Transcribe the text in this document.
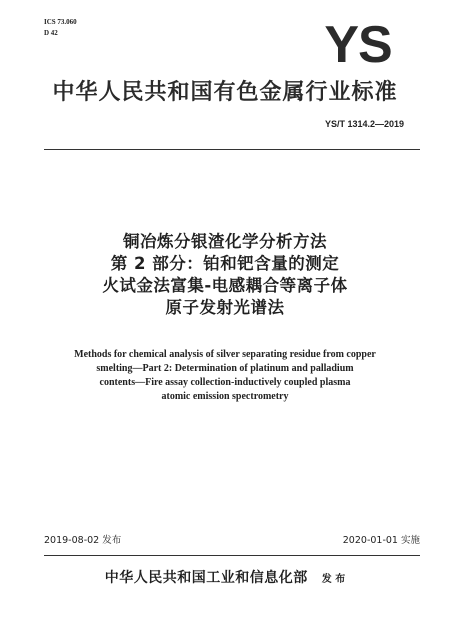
ICS 73.060
D 42	YS
中华人民共和国有色金属行业标准
YS/T 1314.2—2019
铜冶炼分银渣化学分析方法
第 2 部分：铂和钯含量的测定
火试金法富集-电感耦合等离子体
原子发射光谱法
Methods for chemical analysis of silver separating residue from copper
smelting—Part 2: Determination of platinum and palladium
contents—Fire assay collection-inductively coupled plasma
atomic emission spectrometry
2019-08-02 发布	2020-01-01 实施
中华人民共和国工业和信息化部 发 布
